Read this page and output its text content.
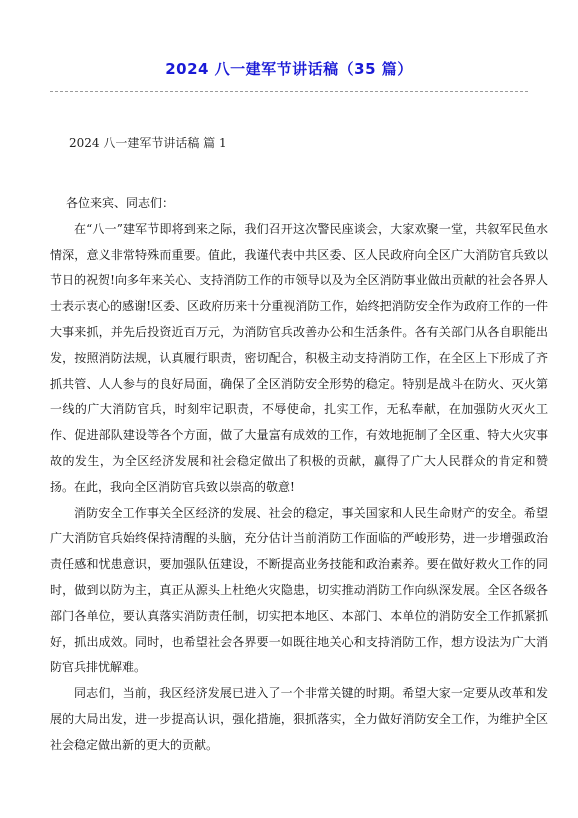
2024 八一建军节讲话稿（35 篇）
2024 八一建军节讲话稿 篇 1

各位来宾、同志们：

在“八一”建军节即将到来之际，我们召开这次警民座谈会，大家欢聚一堂，共叙军民鱼水情深，意义非常特殊而重要。值此，我谨代表中共区委、区人民政府向全区广大消防官兵致以节日的祝贺!向多年来关心、支持消防工作的市领导以及为全区消防事业做出贡献的社会各界人士表示衷心的感谢!区委、区政府历来十分重视消防工作，始终把消防安全作为政府工作的一件大事来抓，并先后投资近百万元，为消防官兵改善办公和生活条件。各有关部门从各自职能出发，按照消防法规，认真履行职责，密切配合，积极主动支持消防工作，在全区上下形成了齐抓共管、人人参与的良好局面，确保了全区消防安全形势的稳定。特别是战斗在防火、灭火第一线的广大消防官兵，时刻牢记职责，不辱使命，扎实工作，无私奉献，在加强防火灭火工作、促进部队建设等各个方面，做了大量富有成效的工作，有效地扼制了全区重、特大火灾事故的发生，为全区经济发展和社会稳定做出了积极的贡献，赢得了广大人民群众的肯定和赞扬。在此，我向全区消防官兵致以崇高的敬意!

消防安全工作事关全区经济的发展、社会的稳定，事关国家和人民生命财产的安全。希望广大消防官兵始终保持清醒的头脑，充分估计当前消防工作面临的严峻形势，进一步增强政治责任感和忧患意识，要加强队伍建设，不断提高业务技能和政治素养。要在做好救火工作的同时，做到以防为主，真正从源头上杜绝火灾隐患，切实推动消防工作向纵深发展。全区各级各部门各单位，要认真落实消防责任制，切实把本地区、本部门、本单位的消防安全工作抓紧抓好，抓出成效。同时，也希望社会各界要一如既往地关心和支持消防工作，想方设法为广大消防官兵排忧解难。

同志们，当前，我区经济发展已进入了一个非常关键的时期。希望大家一定要从改革和发展的大局出发，进一步提高认识，强化措施，狠抓落实，全力做好消防安全工作，为维护全区社会稳定做出新的更大的贡献。
